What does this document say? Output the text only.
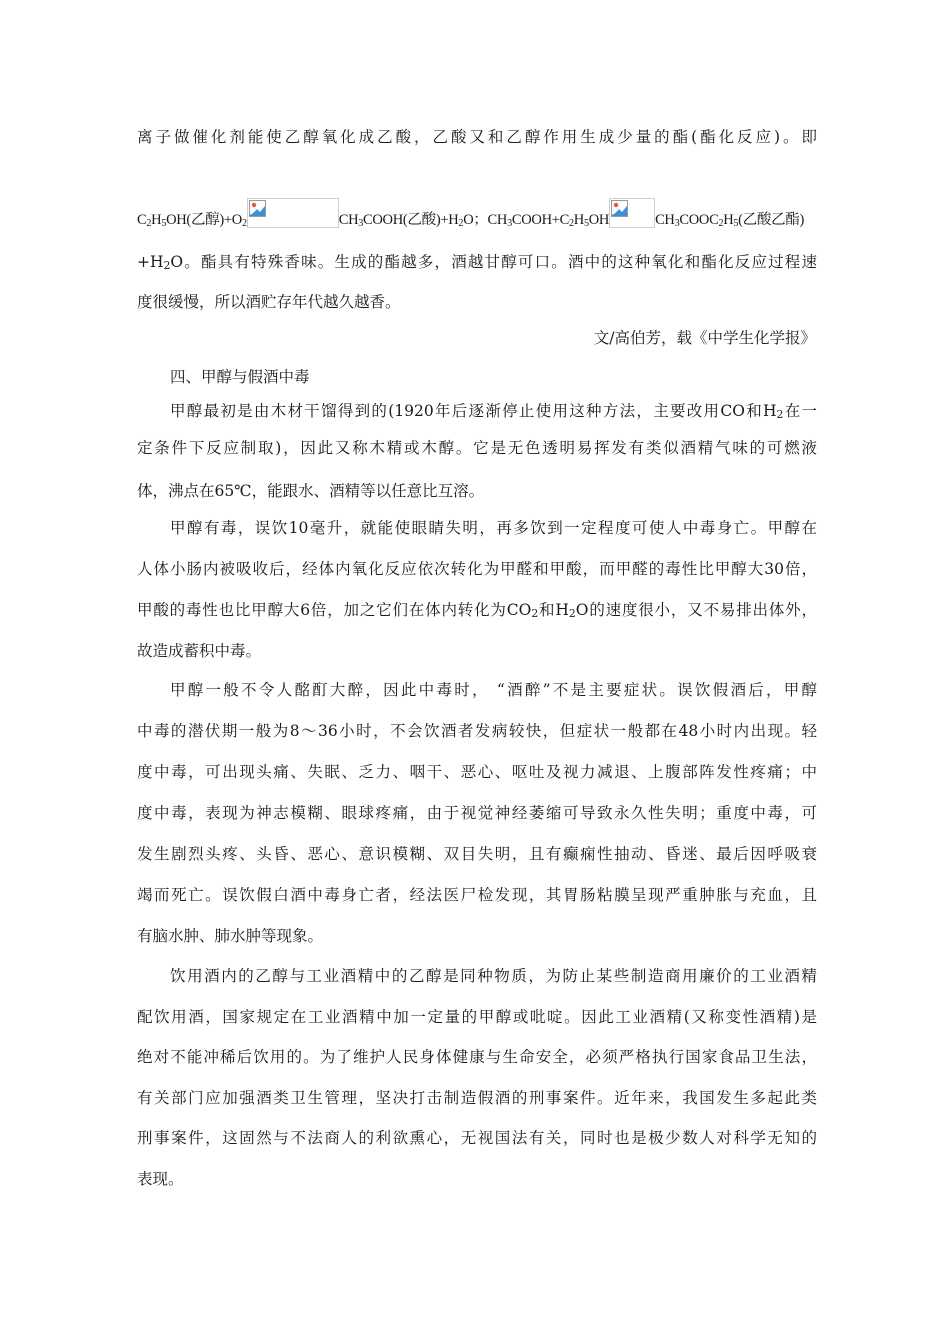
离子做催化剂能使乙醇氧化成乙酸，乙酸又和乙醇作用生成少量的酯(酯化反应)。即
$C_2H_5OH$(乙醇)$+O_2$	$CH_3COOH$(乙酸)$+H_2O$；$CH_3COOH+C_2H_5OH$	$CH_3COOC_2H_5$(乙酸乙酯)
$+H_2O$。酯具有特殊香味。生成的酯越多，酒越甘醇可口。酒中的这种氧化和酯化反应过程速
度很缓慢，所以酒贮存年代越久越香。
文/高伯芳，载《中学生化学报》
四、甲醇与假酒中毒
甲醇最初是由木材干馏得到的(1920年后逐渐停止使用这种方法，主要改用CO和$H_2$在一
定条件下反应制取)，因此又称木精或木醇。它是无色透明易挥发有类似酒精气味的可燃液
体，沸点在65℃，能跟水、酒精等以任意比互溶。
甲醇有毒，误饮10毫升，就能使眼睛失明，再多饮到一定程度可使人中毒身亡。甲醇在
人体小肠内被吸收后，经体内氧化反应依次转化为甲醛和甲酸，而甲醛的毒性比甲醇大30倍，
甲酸的毒性也比甲醇大6倍，加之它们在体内转化为$CO_2$和$H_2O$的速度很小，又不易排出体外，
故造成蓄积中毒。
甲醇一般不令人酩酊大醉，因此中毒时， “酒醉”不是主要症状。误饮假酒后，甲醇
中毒的潜伏期一般为8～36小时，不会饮酒者发病较快，但症状一般都在48小时内出现。轻
度中毒，可出现头痛、失眠、乏力、咽干、恶心、呕吐及视力减退、上腹部阵发性疼痛；中
度中毒，表现为神志模糊、眼球疼痛，由于视觉神经萎缩可导致永久性失明；重度中毒，可
发生剧烈头疼、头昏、恶心、意识模糊、双目失明，且有癫痫性抽动、昏迷、最后因呼吸衰
竭而死亡。误饮假白酒中毒身亡者，经法医尸检发现，其胃肠粘膜呈现严重肿胀与充血，且
有脑水肿、肺水肿等现象。
饮用酒内的乙醇与工业酒精中的乙醇是同种物质，为防止某些制造商用廉价的工业酒精
配饮用酒，国家规定在工业酒精中加一定量的甲醇或吡啶。因此工业酒精(又称变性酒精)是
绝对不能冲稀后饮用的。为了维护人民身体健康与生命安全，必须严格执行国家食品卫生法，
有关部门应加强酒类卫生管理，坚决打击制造假酒的刑事案件。近年来，我国发生多起此类
刑事案件，这固然与不法商人的利欲熏心，无视国法有关，同时也是极少数人对科学无知的
表现。
